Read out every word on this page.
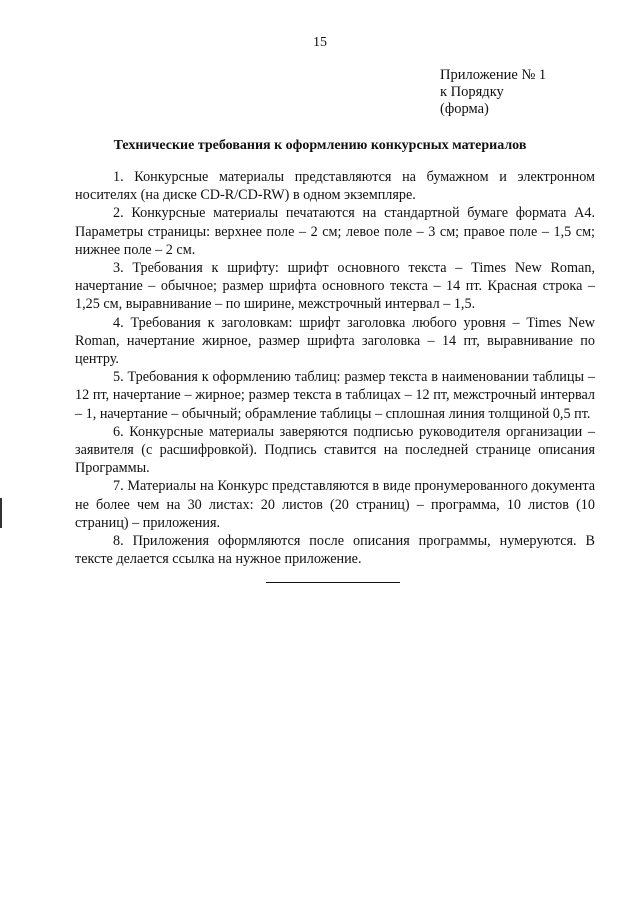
15
Приложение № 1
к Порядку
(форма)
Технические требования к оформлению конкурсных материалов

1. Конкурсные материалы представляются на бумажном и электронном носителях (на диске CD-R/CD-RW) в одном экземпляре.

2. Конкурсные материалы печатаются на стандартной бумаге формата А4. Параметры страницы: верхнее поле – 2 см; левое поле – 3 см; правое поле – 1,5 см; нижнее поле – 2 см.

3. Требования к шрифту: шрифт основного текста – Times New Roman, начертание – обычное; размер шрифта основного текста – 14 пт. Красная строка – 1,25 см, выравнивание – по ширине, межстрочный интервал – 1,5.

4. Требования к заголовкам: шрифт заголовка любого уровня – Times New Roman, начертание жирное, размер шрифта заголовка – 14 пт, выравнивание по центру.

5. Требования к оформлению таблиц: размер текста в наименовании таблицы – 12 пт, начертание – жирное; размер текста в таблицах – 12 пт, межстрочный интервал – 1, начертание – обычный; обрамление таблицы – сплошная линия толщиной 0,5 пт.

6. Конкурсные материалы заверяются подписью руководителя организации – заявителя (с расшифровкой). Подпись ставится на последней странице описания Программы.

7. Материалы на Конкурс представляются в виде пронумерованного документа не более чем на 30 листах: 20 листов (20 страниц) – программа, 10 листов (10 страниц) – приложения.

8. Приложения оформляются после описания программы, нумеруются. В тексте делается ссылка на нужное приложение.
